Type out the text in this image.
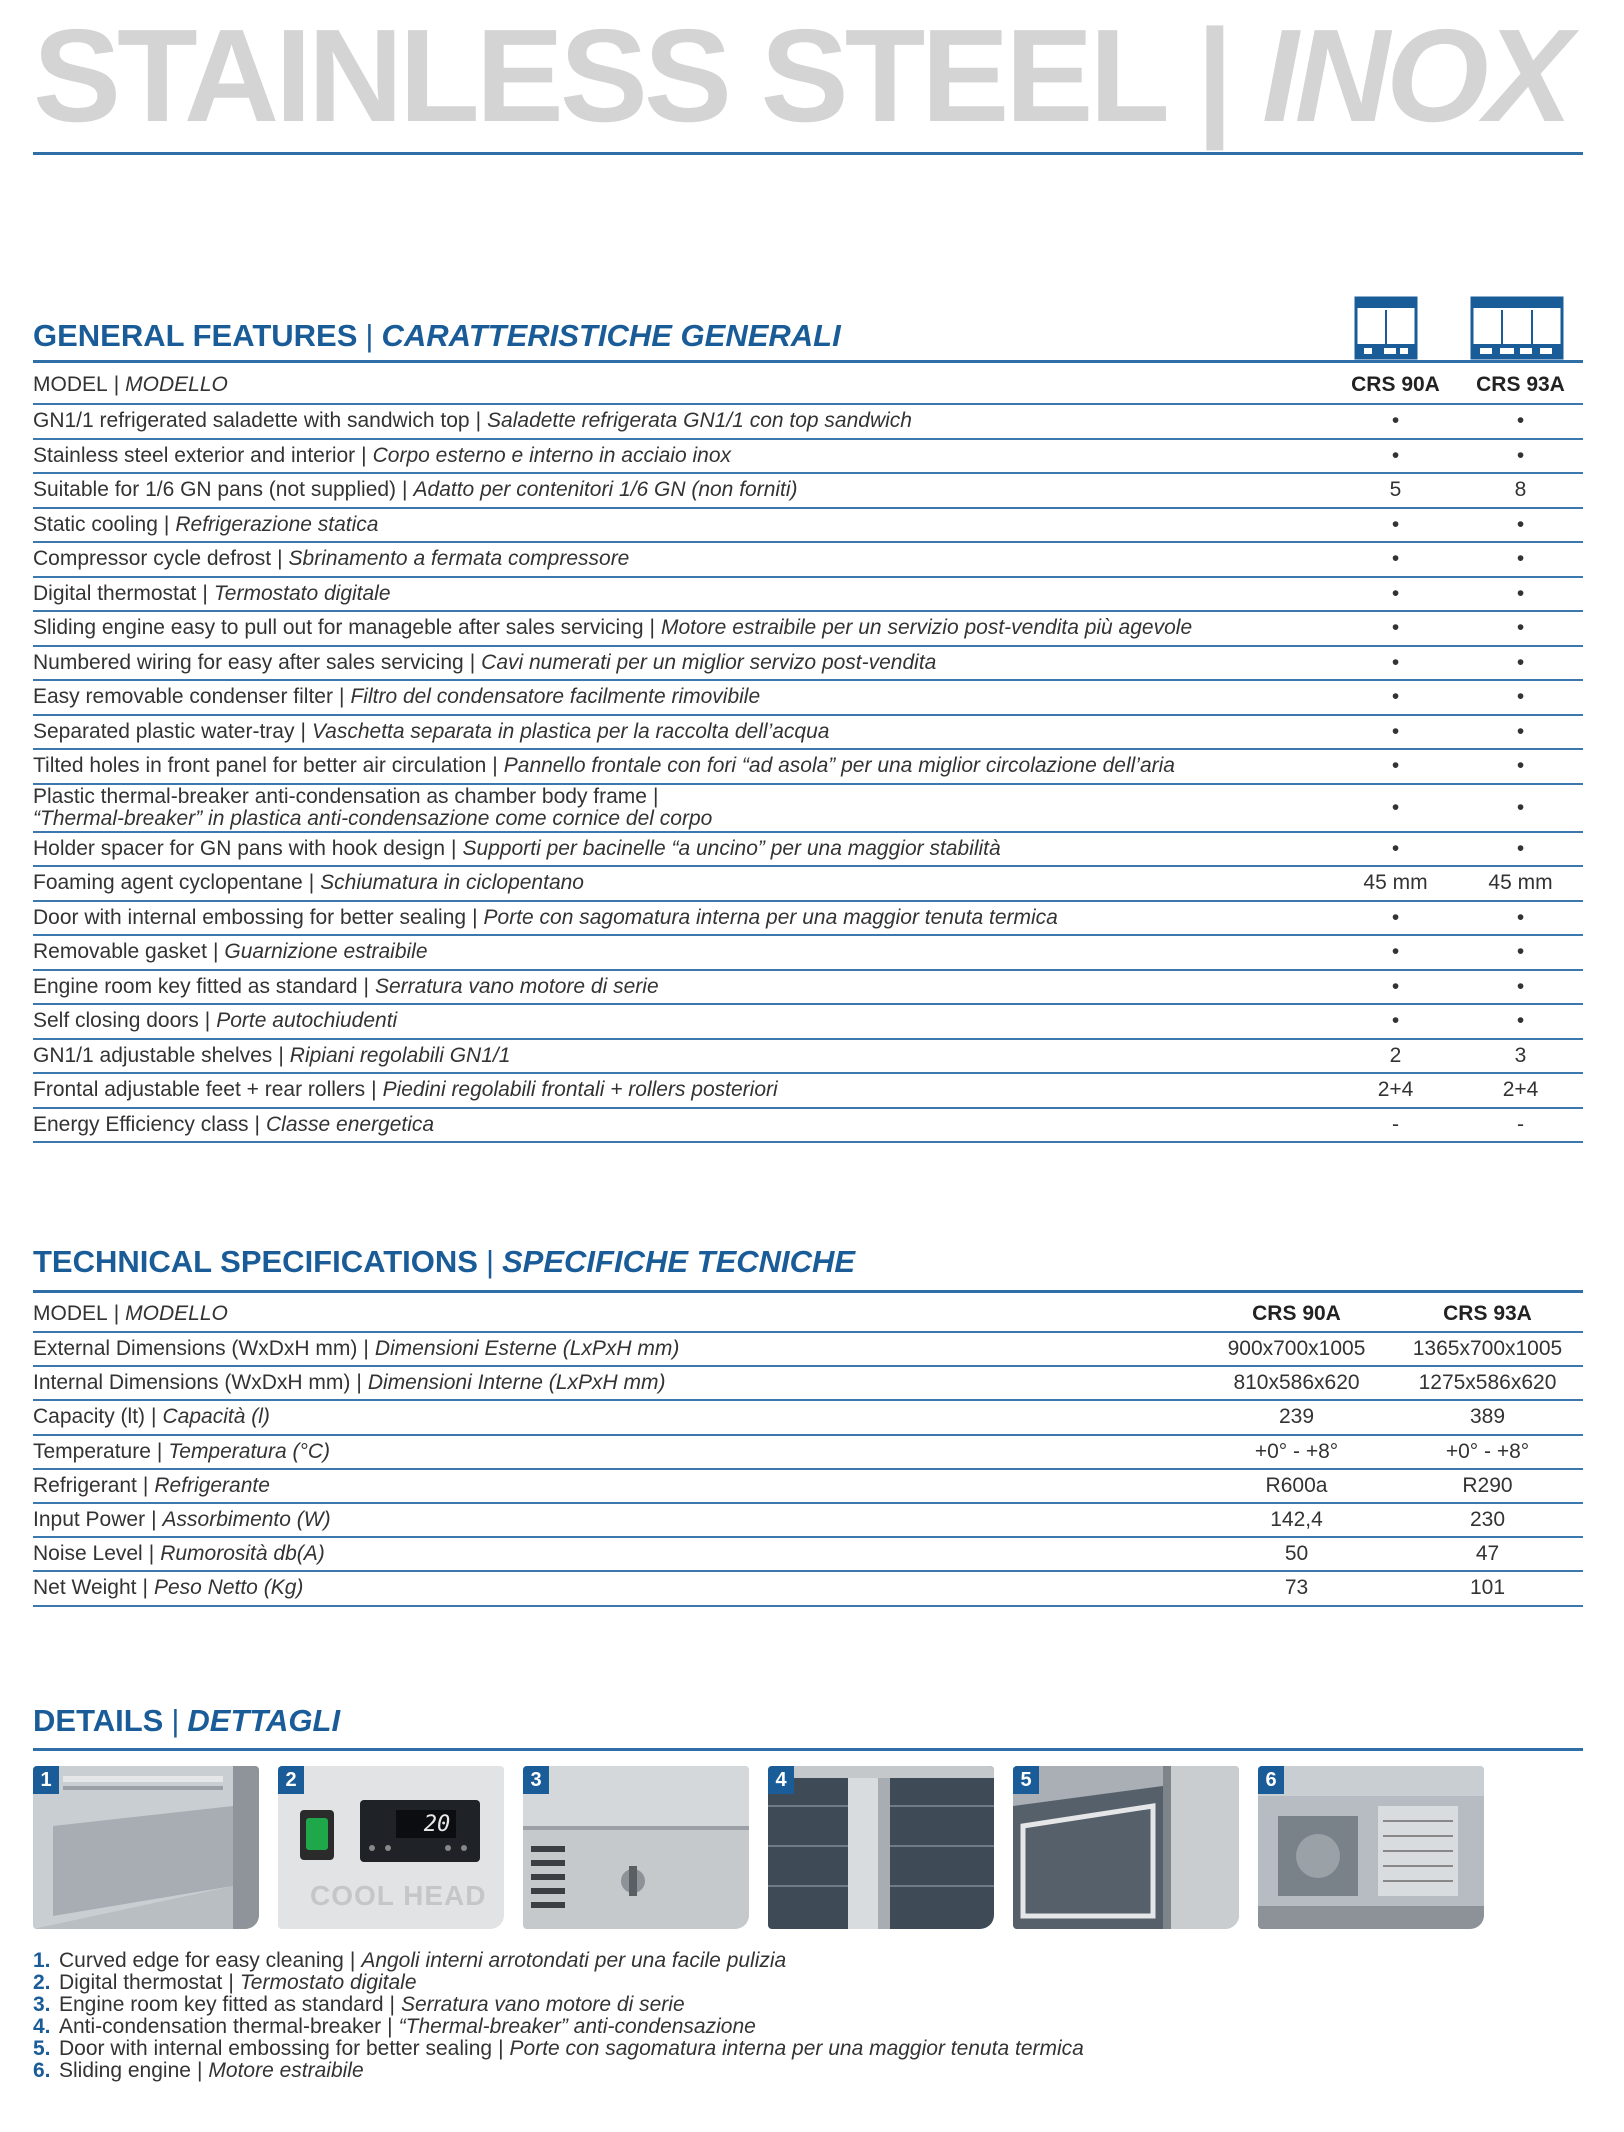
STAINLESS STEEL | INOX
GENERAL FEATURES | CARATTERISTICHE GENERALI
MODEL | MODELLO	CRS 90A	CRS 93A
GN1/1 refrigerated saladette with sandwich top | Saladette refrigerata GN1/1 con top sandwich	•	•
Stainless steel exterior and interior | Corpo esterno e interno in acciaio inox	•	•
Suitable for 1/6 GN pans (not supplied) | Adatto per contenitori 1/6 GN (non forniti)	5	8
Static cooling | Refrigerazione statica	•	•
Compressor cycle defrost | Sbrinamento a fermata compressore	•	•
Digital thermostat | Termostato digitale	•	•
Sliding engine easy to pull out for manageble after sales servicing | Motore estraibile per un servizio post-vendita più agevole	•	•
Numbered wiring for easy after sales servicing | Cavi numerati per un miglior servizo post-vendita	•	•
Easy removable condenser filter | Filtro del condensatore facilmente rimovibile	•	•
Separated plastic water-tray | Vaschetta separata in plastica per la raccolta dell’acqua	•	•
Tilted holes in front panel for better air circulation | Pannello frontale con fori “ad asola” per una miglior circolazione dell’aria	•	•
Plastic thermal-breaker anti-condensation as chamber body frame |
“Thermal-breaker” in plastica anti-condensazione come cornice del corpo	•	•
Holder spacer for GN pans with hook design | Supporti per bacinelle “a uncino” per una maggior stabilità	•	•
Foaming agent cyclopentane | Schiumatura in ciclopentano	45 mm	45 mm
Door with internal embossing for better sealing | Porte con sagomatura interna per una maggior tenuta termica	•	•
Removable gasket | Guarnizione estraibile	•	•
Engine room key fitted as standard | Serratura vano motore di serie	•	•
Self closing doors | Porte autochiudenti	•	•
GN1/1 adjustable shelves | Ripiani regolabili GN1/1	2	3
Frontal adjustable feet + rear rollers | Piedini regolabili frontali + rollers posteriori	2+4	2+4
Energy Efficiency class | Classe energetica	-	-
TECHNICAL SPECIFICATIONS | SPECIFICHE TECNICHE
MODEL | MODELLO	CRS 90A	CRS 93A
External Dimensions (WxDxH mm) | Dimensioni Esterne (LxPxH mm)	900x700x1005	1365x700x1005
Internal Dimensions (WxDxH mm) | Dimensioni Interne (LxPxH mm)	810x586x620	1275x586x620
Capacity (lt) | Capacità (l)	239	389
Temperature | Temperatura (°C)	+0° - +8°	+0° - +8°
Refrigerant | Refrigerante	R600a	R290
Input Power | Assorbimento (W)	142,4	230
Noise Level | Rumorosità db(A)	50	47
Net Weight | Peso Netto (Kg)	73	101
DETAILS | DETTAGLI
1
20
COOL HEAD
2	3	4	5	6
1. Curved edge for easy cleaning | Angoli interni arrotondati per una facile pulizia
2. Digital thermostat | Termostato digitale
3. Engine room key fitted as standard | Serratura vano motore di serie
4. Anti-condensation thermal-breaker | “Thermal-breaker” anti-condensazione
5. Door with internal embossing for better sealing | Porte con sagomatura interna per una maggior tenuta termica
6. Sliding engine | Motore estraibile
